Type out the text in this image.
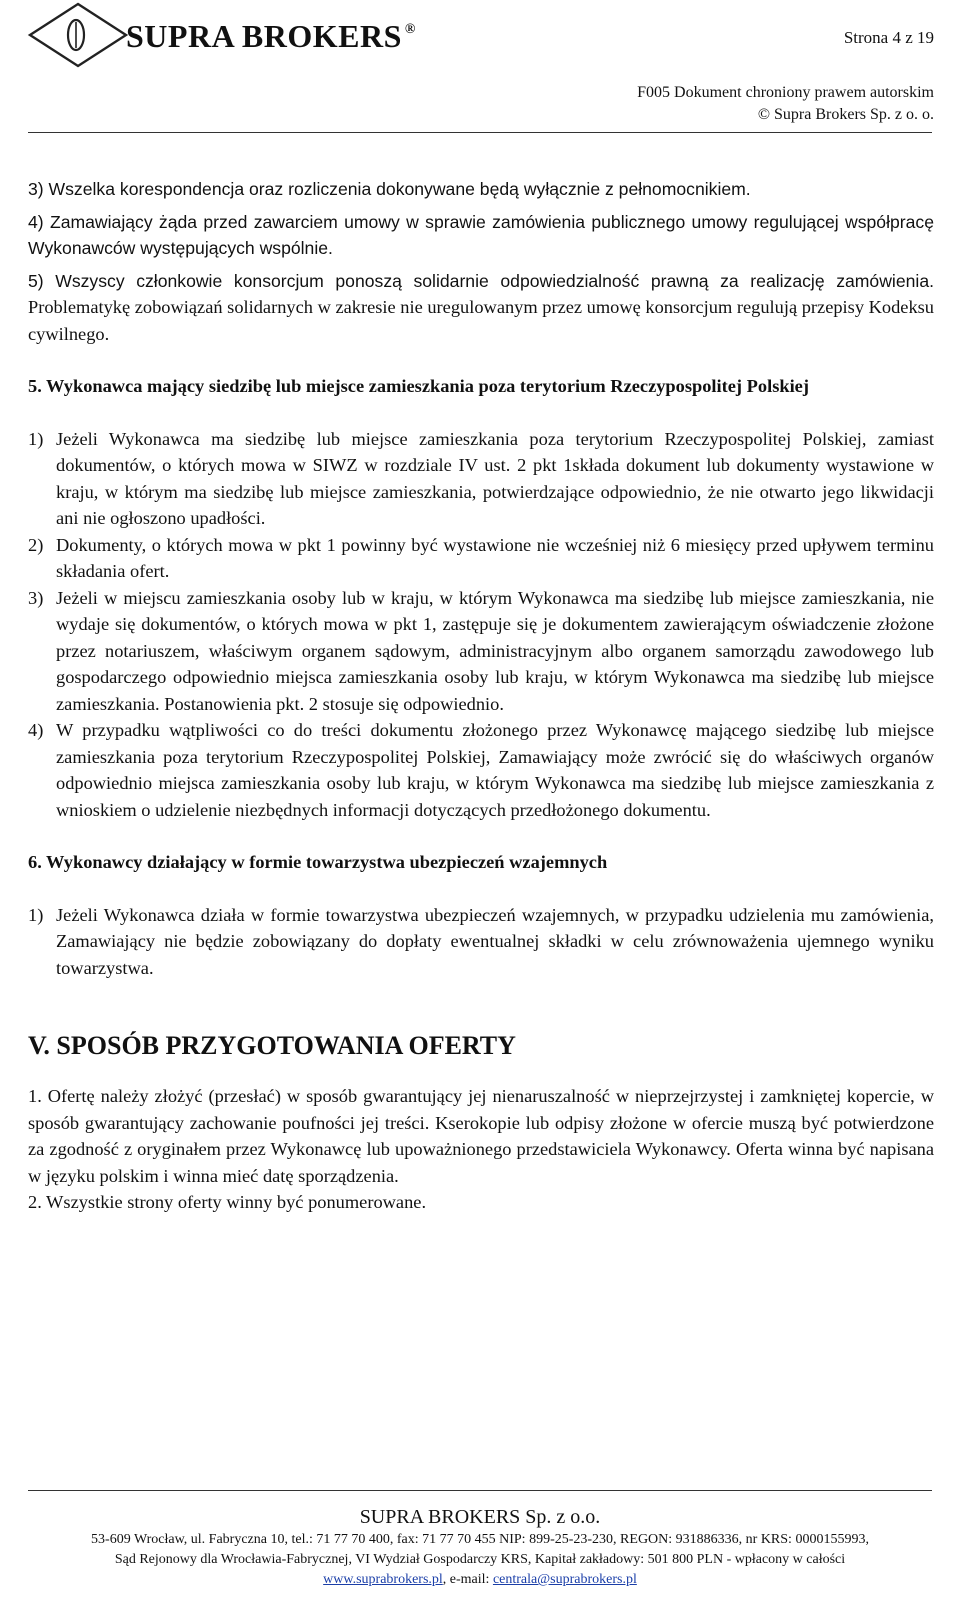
SUPRA BROKERS ®	Strona 4 z 19
F005 Dokument chroniony prawem autorskim
© Supra Brokers Sp. z o. o.

3) Wszelka korespondencja oraz rozliczenia dokonywane będą wyłącznie z pełnomocnikiem.

4) Zamawiający żąda przed zawarciem umowy w sprawie zamówienia publicznego umowy regulującej współpracę Wykonawców występujących wspólnie.

5) Wszyscy członkowie konsorcjum ponoszą solidarnie odpowiedzialność prawną za realizację zamówienia. Problematykę zobowiązań solidarnych w zakresie nie uregulowanym przez umowę konsorcjum regulują przepisy Kodeksu cywilnego.

5. Wykonawca mający siedzibę lub miejsce zamieszkania poza terytorium Rzeczypospolitej Polskiej
1) Jeżeli Wykonawca ma siedzibę lub miejsce zamieszkania poza terytorium Rzeczypospolitej Polskiej, zamiast dokumentów, o których mowa w SIWZ w rozdziale IV ust. 2 pkt 1składa dokument lub dokumenty wystawione w kraju, w którym ma siedzibę lub miejsce zamieszkania, potwierdzające odpowiednio, że nie otwarto jego likwidacji ani nie ogłoszono upadłości.
2) Dokumenty, o których mowa w pkt 1 powinny być wystawione nie wcześniej niż 6 miesięcy przed upływem terminu składania ofert.
3) Jeżeli w miejscu zamieszkania osoby lub w kraju, w którym Wykonawca ma siedzibę lub miejsce zamieszkania, nie wydaje się dokumentów, o których mowa w pkt 1, zastępuje się je dokumentem zawierającym oświadczenie złożone przez notariuszem, właściwym organem sądowym, administracyjnym albo organem samorządu zawodowego lub gospodarczego odpowiednio miejsca zamieszkania osoby lub kraju, w którym Wykonawca ma siedzibę lub miejsce zamieszkania. Postanowienia pkt. 2 stosuje się odpowiednio.
4) W przypadku wątpliwości co do treści dokumentu złożonego przez Wykonawcę mającego siedzibę lub miejsce zamieszkania poza terytorium Rzeczypospolitej Polskiej, Zamawiający może zwrócić się do właściwych organów odpowiednio miejsca zamieszkania osoby lub kraju, w którym Wykonawca ma siedzibę lub miejsce zamieszkania z wnioskiem o udzielenie niezbędnych informacji dotyczących przedłożonego dokumentu.
6. Wykonawcy działający w formie towarzystwa ubezpieczeń wzajemnych
1) Jeżeli Wykonawca działa w formie towarzystwa ubezpieczeń wzajemnych, w przypadku udzielenia mu zamówienia, Zamawiający nie będzie zobowiązany do dopłaty ewentualnej składki w celu zrównoważenia ujemnego wyniku towarzystwa.
V. SPOSÓB PRZYGOTOWANIA OFERTY

1. Ofertę należy złożyć (przesłać) w sposób gwarantujący jej nienaruszalność w nieprzejrzystej i zamkniętej kopercie, w sposób gwarantujący zachowanie poufności jej treści. Kserokopie lub odpisy złożone w ofercie muszą być potwierdzone za zgodność z oryginałem przez Wykonawcę lub upoważnionego przedstawiciela Wykonawcy. Oferta winna być napisana w języku polskim i winna mieć datę sporządzenia.

2. Wszystkie strony oferty winny być ponumerowane.

SUPRA BROKERS Sp. z o.o.
53-609 Wrocław, ul. Fabryczna 10, tel.: 71 77 70 400, fax: 71 77 70 455 NIP: 899-25-23-230, REGON: 931886336, nr KRS: 0000155993,
Sąd Rejonowy dla Wrocławia-Fabrycznej, VI Wydział Gospodarczy KRS, Kapitał zakładowy: 501 800 PLN - wpłacony w całości
www.suprabrokers.pl, e-mail: centrala@suprabrokers.pl
